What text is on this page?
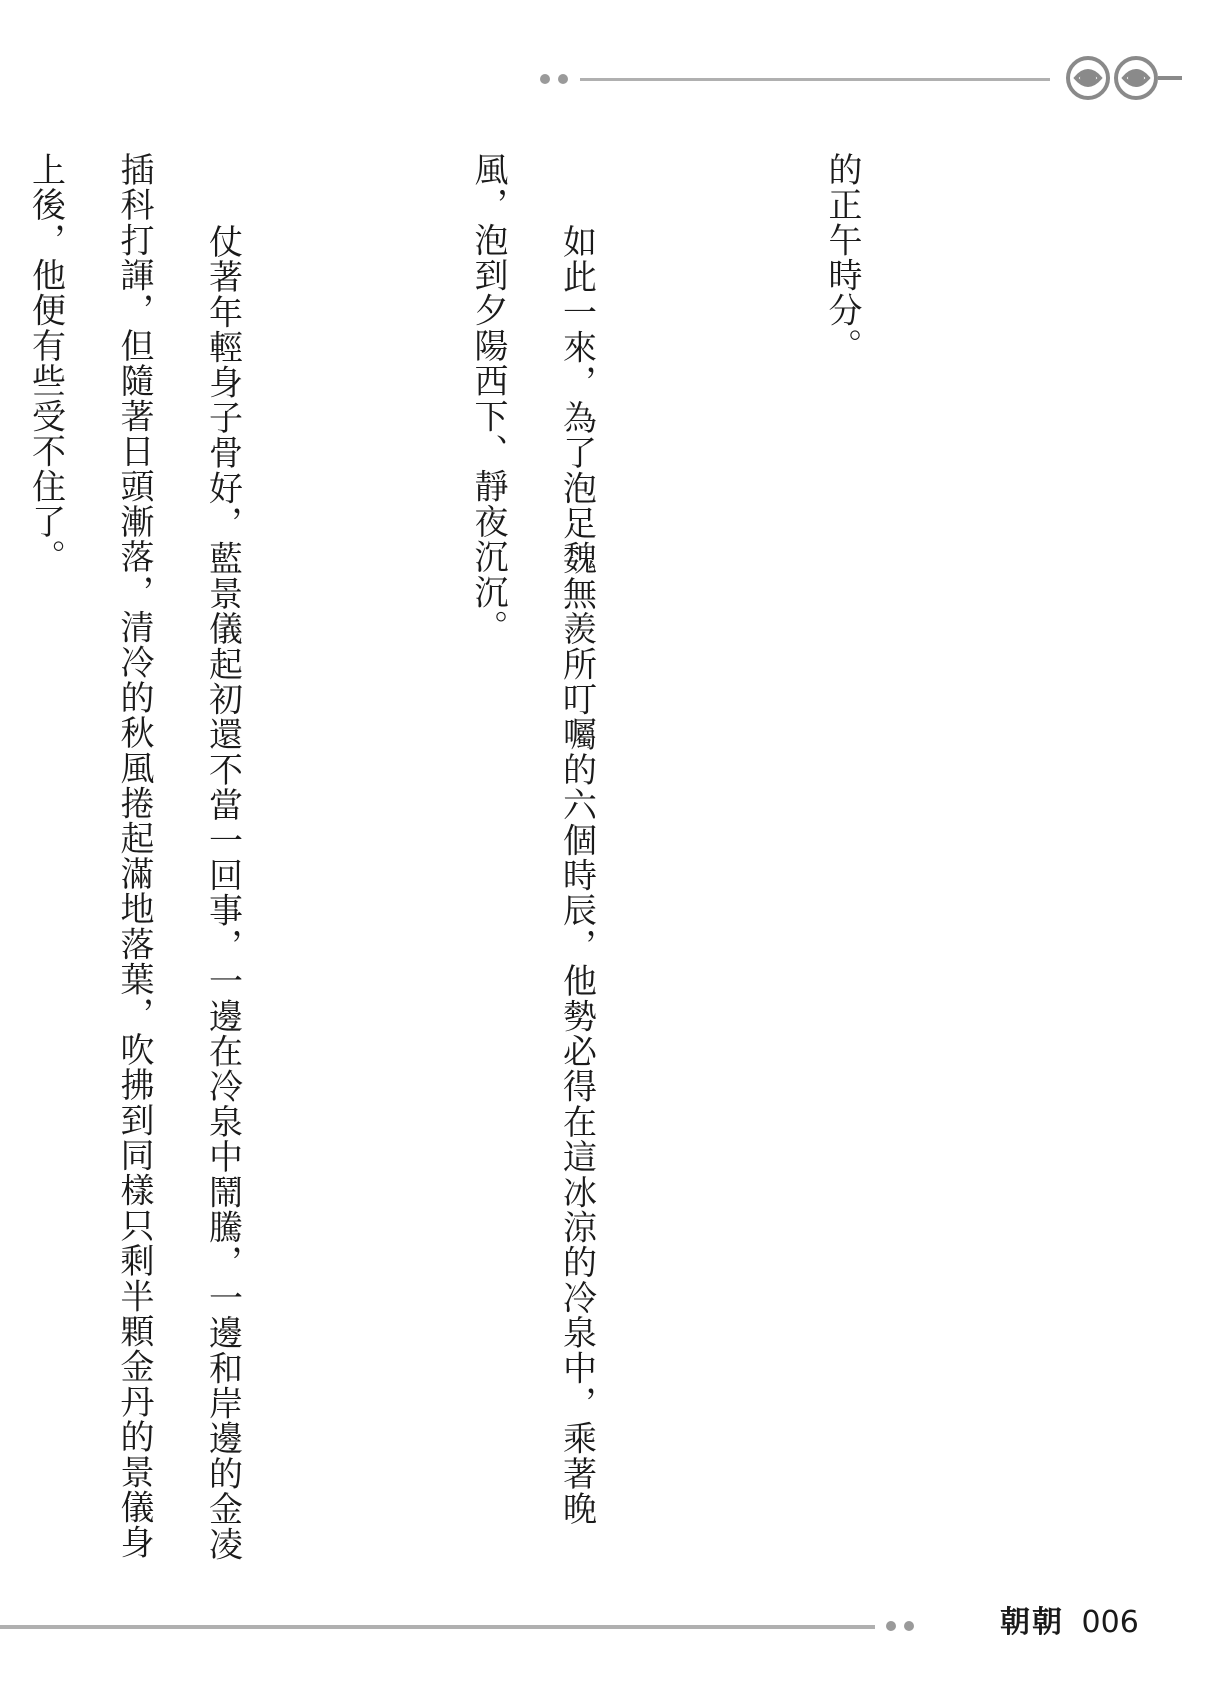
的正午時分。

如此一來，為了泡足魏無羨所叮囑的六個時辰，他勢必得在這冰涼的冷泉中，乘著晚風，泡到夕陽西下、靜夜沉沉。

仗著年輕身子骨好，藍景儀起初還不當一回事，一邊在冷泉中鬧騰，一邊和岸邊的金凌插科打諢，但隨著日頭漸落，清冷的秋風捲起滿地落葉，吹拂到同樣只剩半顆金丹的景儀身上後，他便有些受不住了。

朝朝 006
